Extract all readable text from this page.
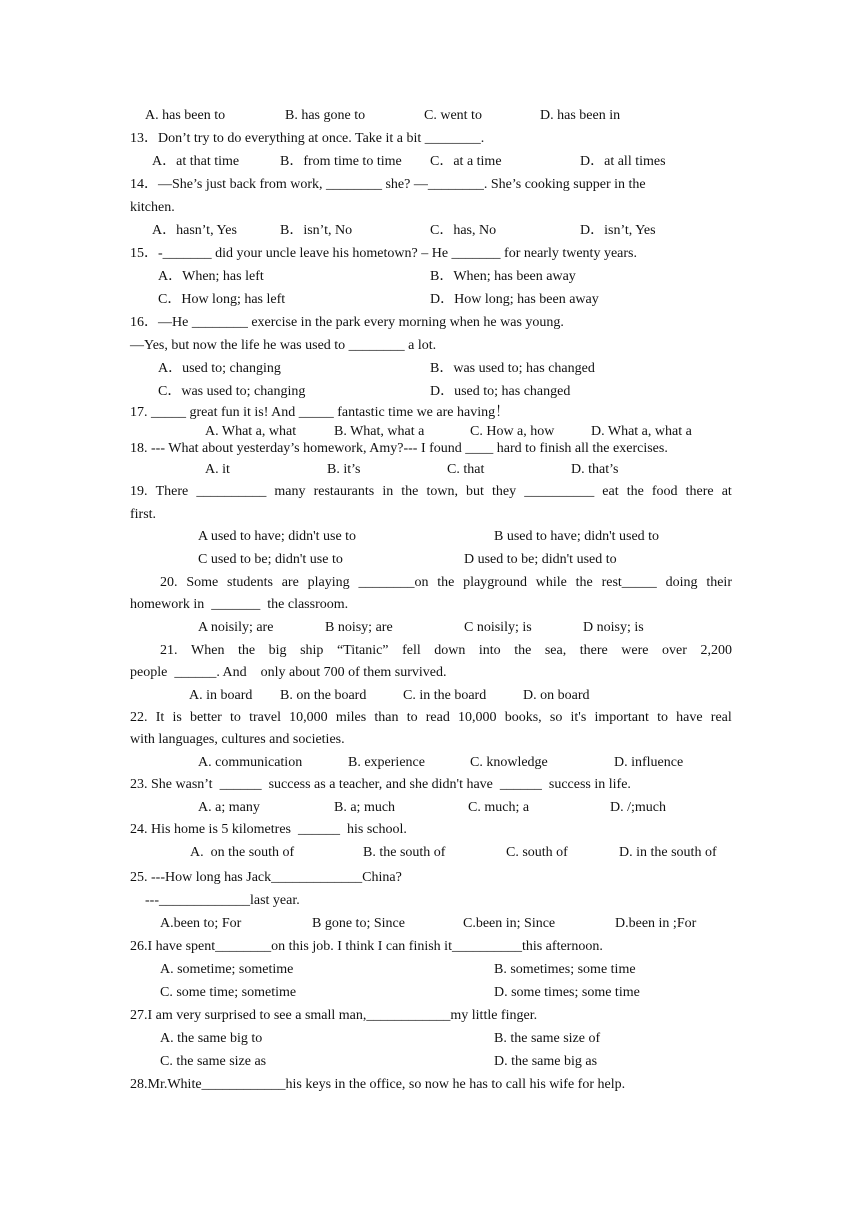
A. has been to	B. has gone to	C. went to	D. has been in
13．Don’t try to do everything at once. Take it a bit ________.
A．at that time	B．from time to time C．at a time	D．at all times
14．—She’s just back from work, ________ she? —________. She’s cooking supper in the
kitchen.
A．hasn’t, Yes	B．isn’t, No	C．has, No	D．isn’t, Yes
15．-_______ did your uncle leave his hometown? – He _______ for nearly twenty years.
A．When; has left	B．When; has been away
C．How long; has left	D．How long; has been away
16．—He ________ exercise in the park every morning when he was young.
—Yes, but now the life he was used to ________ a lot.
A．used to; changing	B．was used to; has changed
C．was used to; changing	D．used to; has changed
17. _____ great fun it is! And _____ fantastic time we are having！
A. What a, what	B. What, what a	C. How a, how	D. What a, what a
18. --- What about yesterday’s homework, Amy?--- I found ____ hard to finish all the exercises.
A. it	B. it’s	C. that	D. that’s
19. There __________ many restaurants in the town, but they __________ eat the food there at
first.
A used to have; didn't use to	B used to have; didn't used to
C used to be; didn't use to	D used to be; didn't used to
20. Some students are playing ________on the playground while the rest_____ doing their
homework in  _______  the classroom.
A noisily; are	B noisy; are	C noisily; is	D noisy; is
21. When the big ship “Titanic” fell down into the sea, there were over 2,200
people  ______. And    only about 700 of them survived.
A. in board B. on the board	C. in the board	D. on board
22. It is better to travel 10,000 miles than to read 10,000 books, so it's important to have real
with languages, cultures and societies.
A. communication	B. experience	C. knowledge	D. influence
23. She wasn’t  ______  success as a teacher, and she didn't have  ______  success in life.
A. a; many	B. a; much	C. much; a	D. /;much
24. His home is 5 kilometres  ______  his school.
A.  on the south of	B. the south of	C. south of	D. in the south of
25. ---How long has Jack_____________China?
---_____________last year.
A.been to; For	B gone to; Since	C.been in; Since	D.been in ;For
26.I have spent________on this job. I think I can finish it__________this afternoon.
A. sometime; sometime	B. sometimes; some time
C. some time; sometime	D. some times; some time
27.I am very surprised to see a small man,____________my little finger.
A. the same big to	B. the same size of
C. the same size as	D. the same big as
28.Mr.White____________his keys in the office, so now he has to call his wife for help.
